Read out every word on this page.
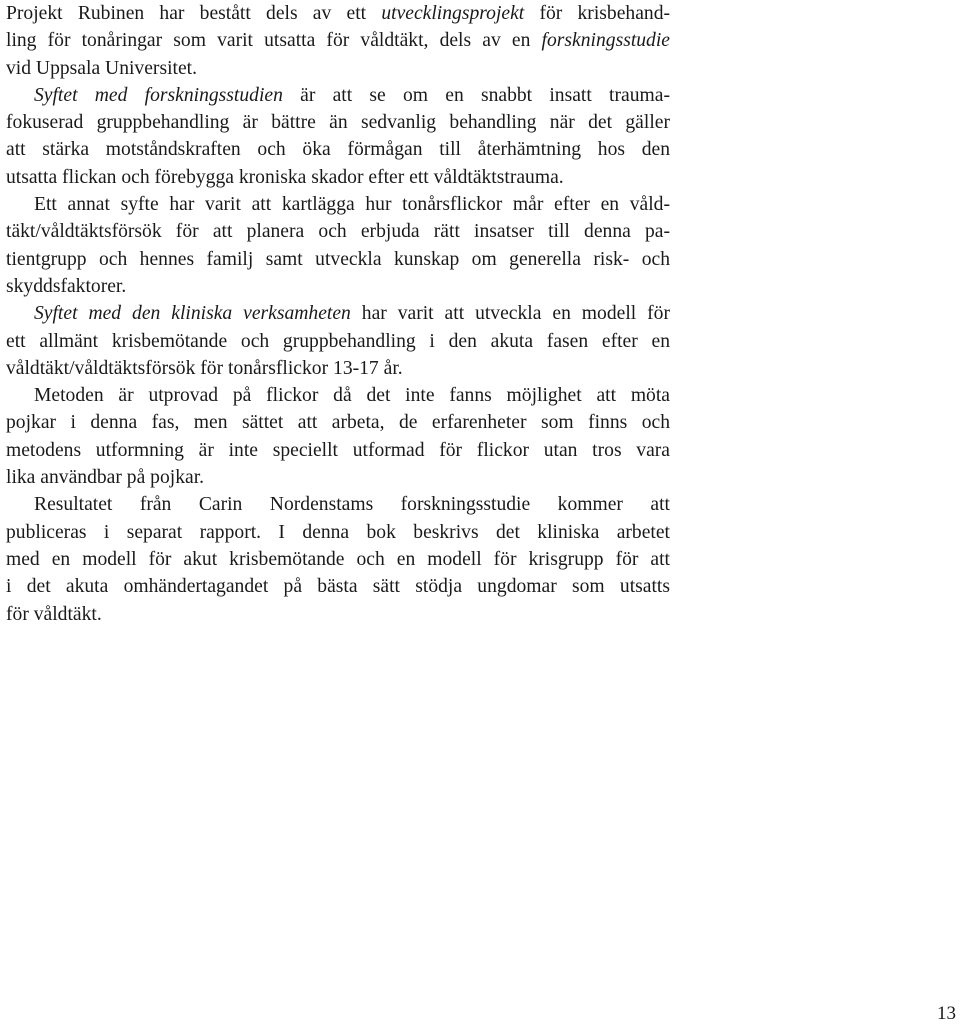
Projekt Rubinen har bestått dels av ett utvecklingsprojekt för krisbehand-
ling för tonåringar som varit utsatta för våldtäkt, dels av en forskningsstudie
vid Uppsala Universitet.
Syftet med forskningsstudien är att se om en snabbt insatt trauma-
fokuserad gruppbehandling är bättre än sedvanlig behandling när det gäller
att stärka motståndskraften och öka förmågan till återhämtning hos den
utsatta flickan och förebygga kroniska skador efter ett våldtäktstrauma.
Ett annat syfte har varit att kartlägga hur tonårsflickor mår efter en våld-
täkt/våldtäktsförsök för att planera och erbjuda rätt insatser till denna pa-
tientgrupp och hennes familj samt utveckla kunskap om generella risk- och
skyddsfaktorer.
Syftet med den kliniska verksamheten har varit att utveckla en modell för
ett allmänt krisbemötande och gruppbehandling i den akuta fasen efter en
våldtäkt/våldtäktsförsök för tonårsflickor 13-17 år.
Metoden är utprovad på flickor då det inte fanns möjlighet att möta
pojkar i denna fas, men sättet att arbeta, de erfarenheter som finns och
metodens utformning är inte speciellt utformad för flickor utan tros vara
lika användbar på pojkar.
Resultatet från Carin Nordenstams forskningsstudie kommer att
publiceras i separat rapport. I denna bok beskrivs det kliniska arbetet
med en modell för akut krisbemötande och en modell för krisgrupp för att
i det akuta omhändertagandet på bästa sätt stödja ungdomar som utsatts
för våldtäkt.
13
